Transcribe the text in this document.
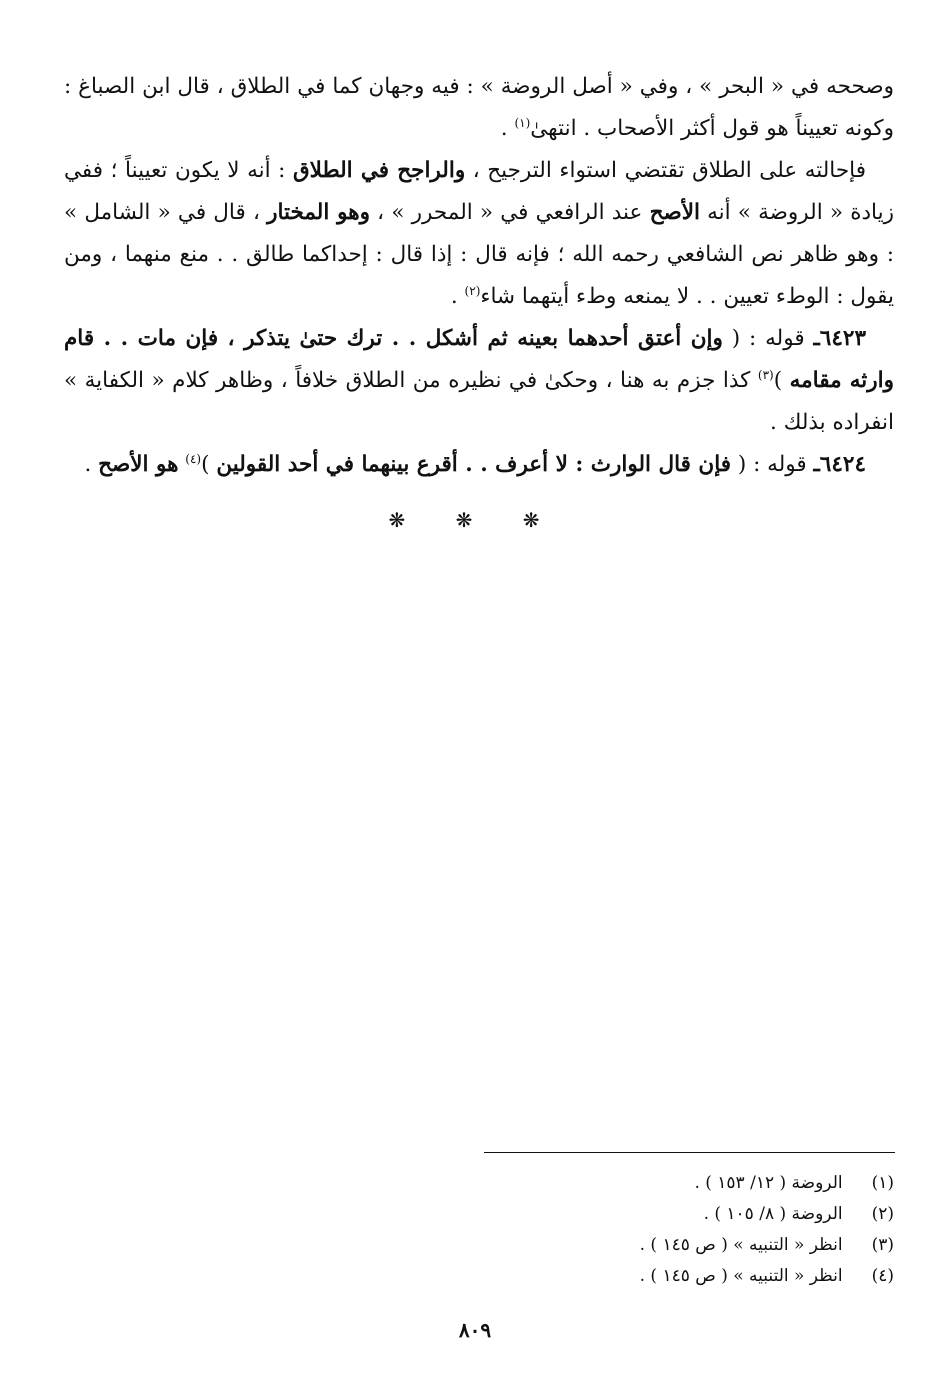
وصححه في « البحر » ، وفي « أصل الروضة » : فيه وجهان كما في الطلاق ، قال ابن الصباغ : وكونه تعييناً هو قول أكثر الأصحاب . انتهىٰ$^{(١)}$ .

فإحالته على الطلاق تقتضي استواء الترجيح ، والراجح في الطلاق : أنه لا يكون تعييناً ؛ ففي زيادة « الروضة » أنه الأصح عند الرافعي في « المحرر » ، وهو المختار ، قال في « الشامل » : وهو ظاهر نص الشافعي رحمه الله ؛ فإنه قال : إذا قال : إحداكما طالق . . منع منهما ، ومن يقول : الوطء تعيين . . لا يمنعه وطء أيتهما شاء$^{(٢)}$ .

٦٤٢٣ـ قوله : ( وإن أعتق أحدهما بعينه ثم أشكل . . ترك حتىٰ يتذكر ، فإن مات . . قام وارثه مقامه )$^{(٣)}$ كذا جزم به هنا ، وحكىٰ في نظيره من الطلاق خلافاً ، وظاهر كلام « الكفاية » انفراده بذلك .

٦٤٢٤ـ قوله : ( فإن قال الوارث : لا أعرف . . أقرع بينهما في أحد القولين )$^{(٤)}$ هو الأصح .

❋ ❋ ❋
(١) الروضة ( ١٢/ ١٥٣ ) .
(٢) الروضة ( ٨/ ١٠٥ ) .
(٣) انظر « التنبيه » ( ص ١٤٥ ) .
(٤) انظر « التنبيه » ( ص ١٤٥ ) .
٨٠٩
